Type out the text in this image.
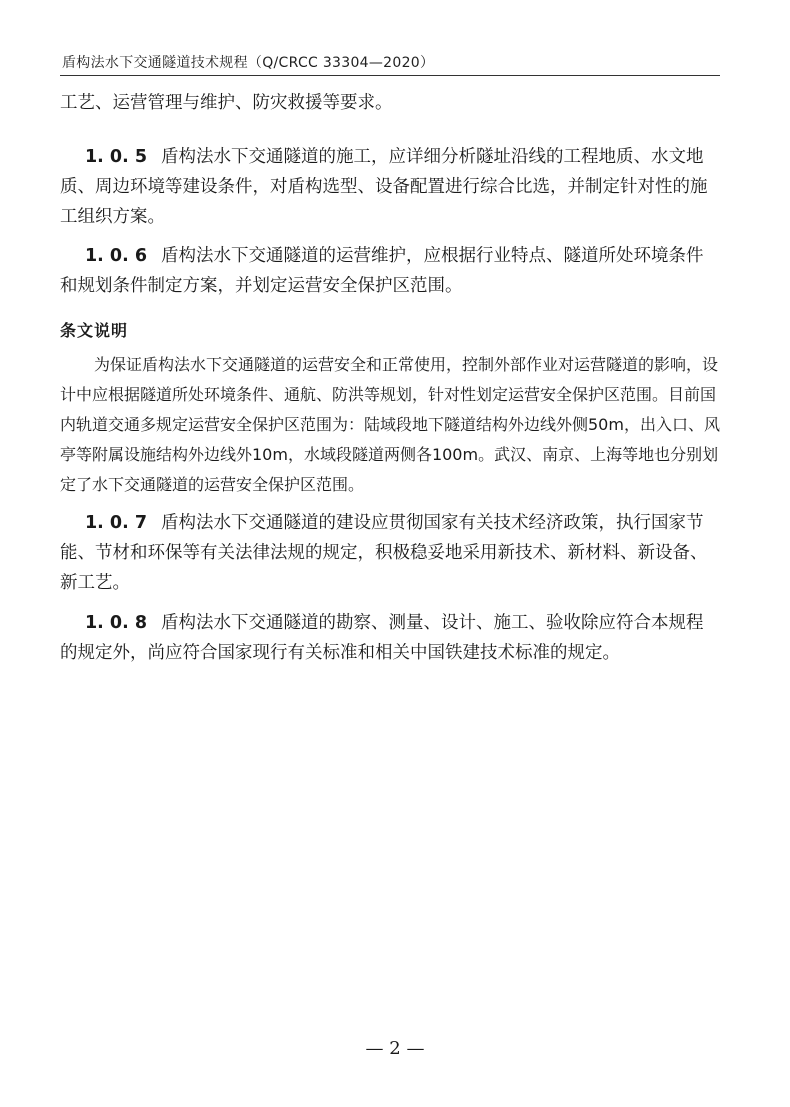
盾构法水下交通隧道技术规程（Q/CRCC 33304—2020）

工艺、运营管理与维护、防灾救援等要求。

1. 0. 5 盾构法水下交通隧道的施工，应详细分析隧址沿线的工程地质、水文地质、周边环境等建设条件，对盾构选型、设备配置进行综合比选，并制定针对性的施工组织方案。

1. 0. 6 盾构法水下交通隧道的运营维护，应根据行业特点、隧道所处环境条件和规划条件制定方案，并划定运营安全保护区范围。

条文说明

为保证盾构法水下交通隧道的运营安全和正常使用，控制外部作业对运营隧道的影响，设计中应根据隧道所处环境条件、通航、防洪等规划，针对性划定运营安全保护区范围。目前国内轨道交通多规定运营安全保护区范围为：陆域段地下隧道结构外边线外侧50m，出入口、风亭等附属设施结构外边线外10m，水域段隧道两侧各100m。武汉、南京、上海等地也分别划定了水下交通隧道的运营安全保护区范围。

1. 0. 7 盾构法水下交通隧道的建设应贯彻国家有关技术经济政策，执行国家节能、节材和环保等有关法律法规的规定，积极稳妥地采用新技术、新材料、新设备、新工艺。

1. 0. 8 盾构法水下交通隧道的勘察、测量、设计、施工、验收除应符合本规程的规定外，尚应符合国家现行有关标准和相关中国铁建技术标准的规定。

— 2 —
